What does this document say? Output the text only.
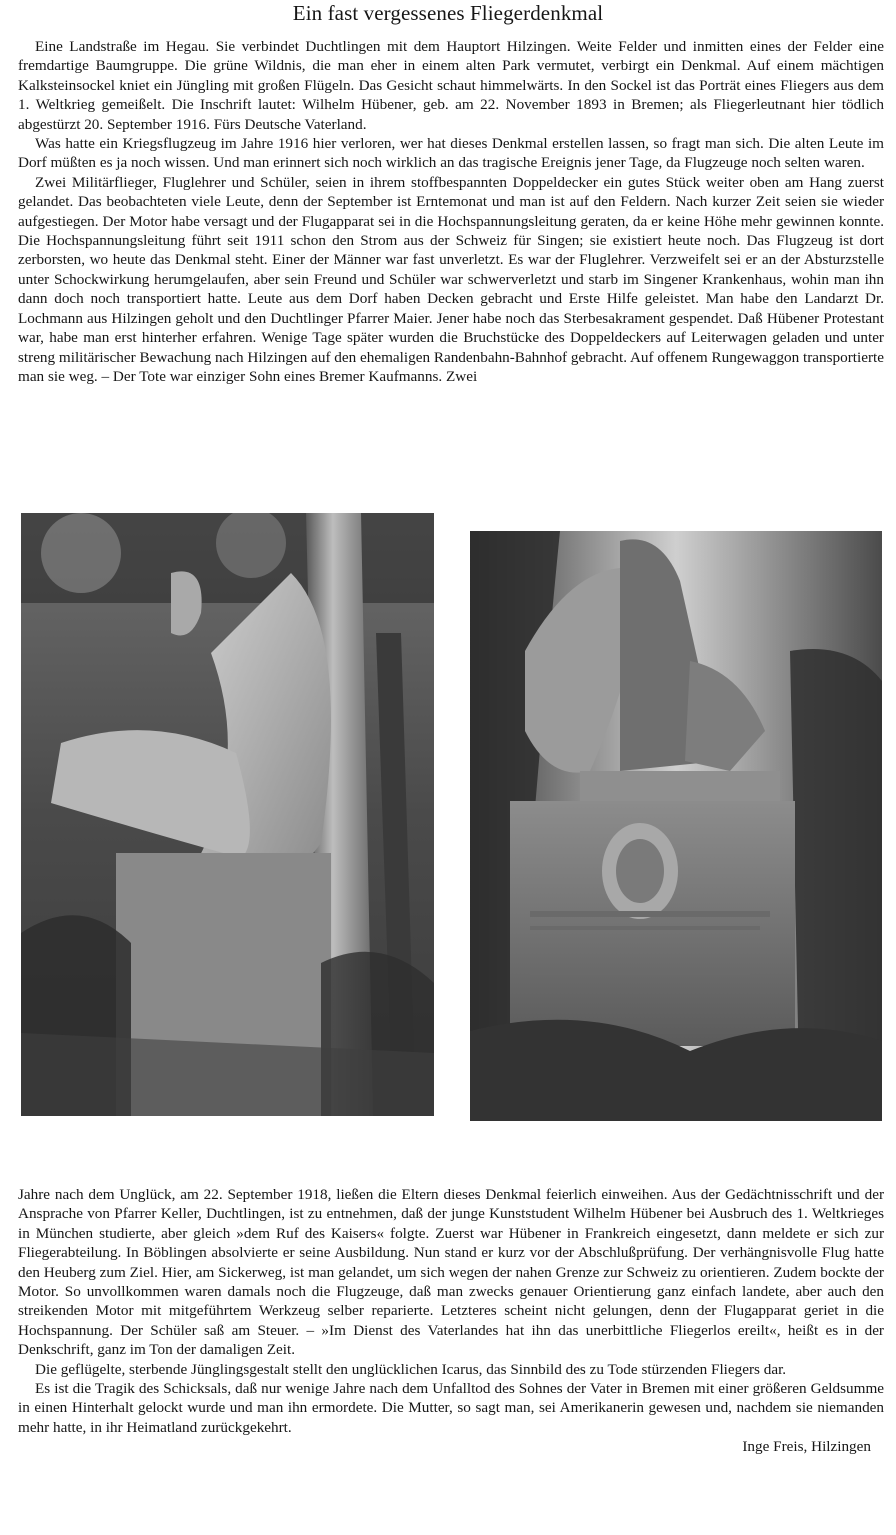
Ein fast vergessenes Fliegerdenkmal

Eine Landstraße im Hegau. Sie verbindet Duchtlingen mit dem Hauptort Hilzingen. Weite Felder und inmitten eines der Felder eine fremdartige Baumgruppe. Die grüne Wildnis, die man eher in einem alten Park vermutet, verbirgt ein Denkmal. Auf einem mächtigen Kalksteinsockel kniet ein Jüngling mit großen Flügeln. Das Gesicht schaut himmelwärts. In den Sockel ist das Porträt eines Fliegers aus dem 1. Weltkrieg gemeißelt. Die Inschrift lautet: Wilhelm Hübener, geb. am 22. November 1893 in Bremen; als Fliegerleutnant hier tödlich abgestürzt 20. September 1916. Fürs Deutsche Vaterland.

Was hatte ein Kriegsflugzeug im Jahre 1916 hier verloren, wer hat dieses Denkmal erstellen lassen, so fragt man sich. Die alten Leute im Dorf müßten es ja noch wissen. Und man erinnert sich noch wirklich an das tragische Ereignis jener Tage, da Flugzeuge noch selten waren.

Zwei Militärflieger, Fluglehrer und Schüler, seien in ihrem stoffbespannten Doppeldecker ein gutes Stück weiter oben am Hang zuerst gelandet. Das beobachteten viele Leute, denn der September ist Erntemonat und man ist auf den Feldern. Nach kurzer Zeit seien sie wieder aufgestiegen. Der Motor habe versagt und der Flugapparat sei in die Hochspannungsleitung geraten, da er keine Höhe mehr gewinnen konnte. Die Hochspannungsleitung führt seit 1911 schon den Strom aus der Schweiz für Singen; sie existiert heute noch. Das Flugzeug ist dort zerborsten, wo heute das Denkmal steht. Einer der Männer war fast unverletzt. Es war der Fluglehrer. Verzweifelt sei er an der Absturzstelle unter Schockwirkung herumgelaufen, aber sein Freund und Schüler war schwerverletzt und starb im Singener Krankenhaus, wohin man ihn dann doch noch transportiert hatte. Leute aus dem Dorf haben Decken gebracht und Erste Hilfe geleistet. Man habe den Landarzt Dr. Lochmann aus Hilzingen geholt und den Duchtlinger Pfarrer Maier. Jener habe noch das Sterbesakrament gespendet. Daß Hübener Protestant war, habe man erst hinterher erfahren. Wenige Tage später wurden die Bruchstücke des Doppeldeckers auf Leiterwagen geladen und unter streng militärischer Bewachung nach Hilzingen auf den ehemaligen Randenbahn-Bahnhof gebracht. Auf offenem Rungewaggon transportierte man sie weg. – Der Tote war einziger Sohn eines Bremer Kaufmanns. Zwei

Jahre nach dem Unglück, am 22. September 1918, ließen die Eltern dieses Denkmal feierlich einweihen. Aus der Gedächtnisschrift und der Ansprache von Pfarrer Keller, Duchtlingen, ist zu entnehmen, daß der junge Kunststudent Wilhelm Hübener bei Ausbruch des 1. Weltkrieges in München studierte, aber gleich »dem Ruf des Kaisers« folgte. Zuerst war Hübener in Frankreich eingesetzt, dann meldete er sich zur Fliegerabteilung. In Böblingen absolvierte er seine Ausbildung. Nun stand er kurz vor der Abschlußprüfung. Der verhängnisvolle Flug hatte den Heuberg zum Ziel. Hier, am Sickerweg, ist man gelandet, um sich wegen der nahen Grenze zur Schweiz zu orientieren. Zudem bockte der Motor. So unvollkommen waren damals noch die Flugzeuge, daß man zwecks genauer Orientierung ganz einfach landete, aber auch den streikenden Motor mit mitgeführtem Werkzeug selber reparierte. Letzteres scheint nicht gelungen, denn der Flugapparat geriet in die Hochspannung. Der Schüler saß am Steuer. – »Im Dienst des Vaterlandes hat ihn das unerbittliche Fliegerlos ereilt«, heißt es in der Denkschrift, ganz im Ton der damaligen Zeit.

Die geflügelte, sterbende Jünglingsgestalt stellt den unglücklichen Icarus, das Sinnbild des zu Tode stürzenden Fliegers dar.

Es ist die Tragik des Schicksals, daß nur wenige Jahre nach dem Unfalltod des Sohnes der Vater in Bremen mit einer größeren Geldsumme in einen Hinterhalt gelockt wurde und man ihn ermordete. Die Mutter, so sagt man, sei Amerikanerin gewesen und, nachdem sie niemanden mehr hatte, in ihr Heimatland zurückgekehrt.

Inge Freis, Hilzingen
